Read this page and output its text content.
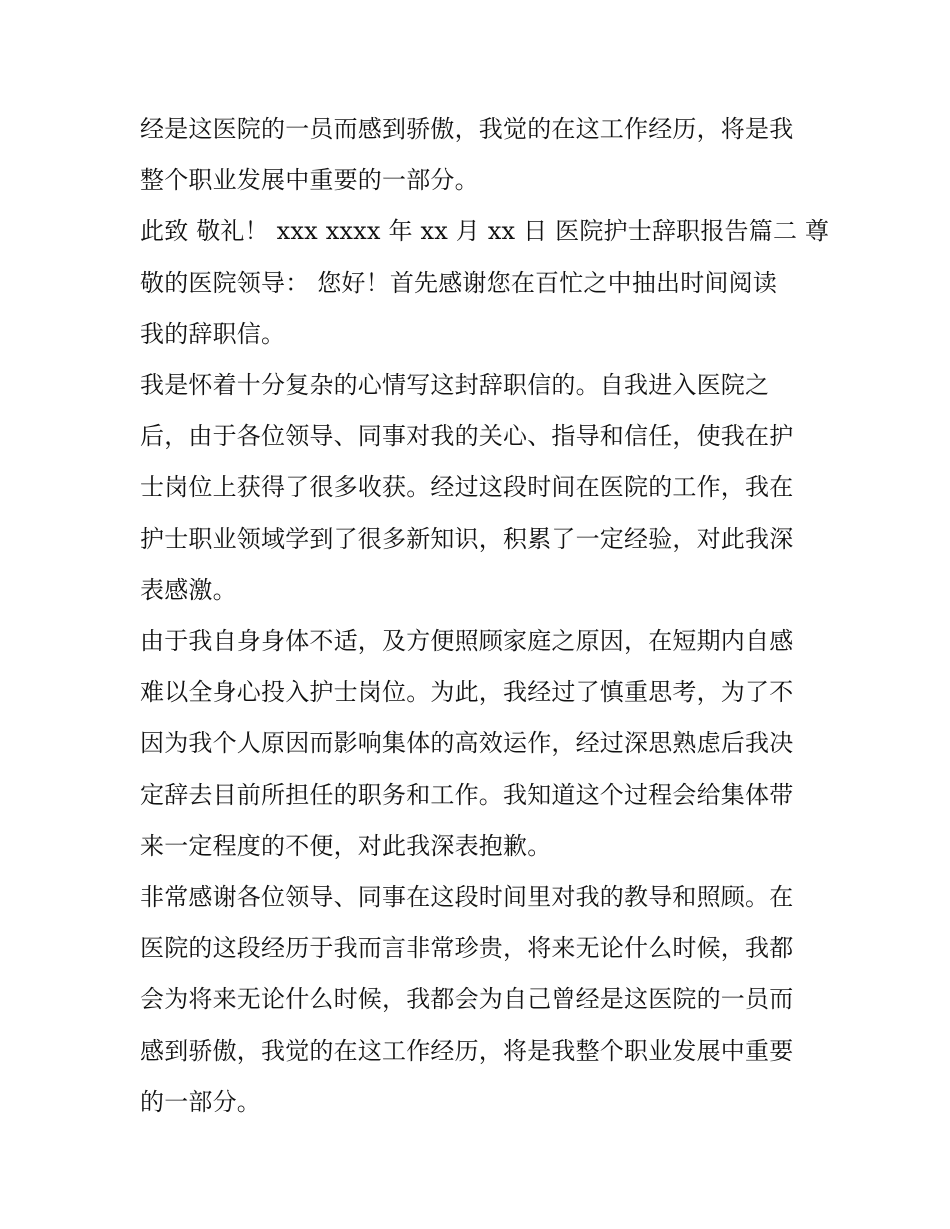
经是这医院的一员而感到骄傲，我觉的在这工作经历，将是我
整个职业发展中重要的一部分。
此致 敬礼！ xxx xxxx 年 xx 月 xx 日 医院护士辞职报告篇二 尊
敬的医院领导： 您好！首先感谢您在百忙之中抽出时间阅读
我的辞职信。
我是怀着十分复杂的心情写这封辞职信的。自我进入医院之
后，由于各位领导、同事对我的关心、指导和信任，使我在护
士岗位上获得了很多收获。经过这段时间在医院的工作，我在
护士职业领域学到了很多新知识，积累了一定经验，对此我深
表感激。
由于我自身身体不适，及方便照顾家庭之原因，在短期内自感
难以全身心投入护士岗位。为此，我经过了慎重思考，为了不
因为我个人原因而影响集体的高效运作，经过深思熟虑后我决
定辞去目前所担任的职务和工作。我知道这个过程会给集体带
来一定程度的不便，对此我深表抱歉。
非常感谢各位领导、同事在这段时间里对我的教导和照顾。在
医院的这段经历于我而言非常珍贵，将来无论什么时候，我都
会为将来无论什么时候，我都会为自己曾经是这医院的一员而
感到骄傲，我觉的在这工作经历，将是我整个职业发展中重要
的一部分。
